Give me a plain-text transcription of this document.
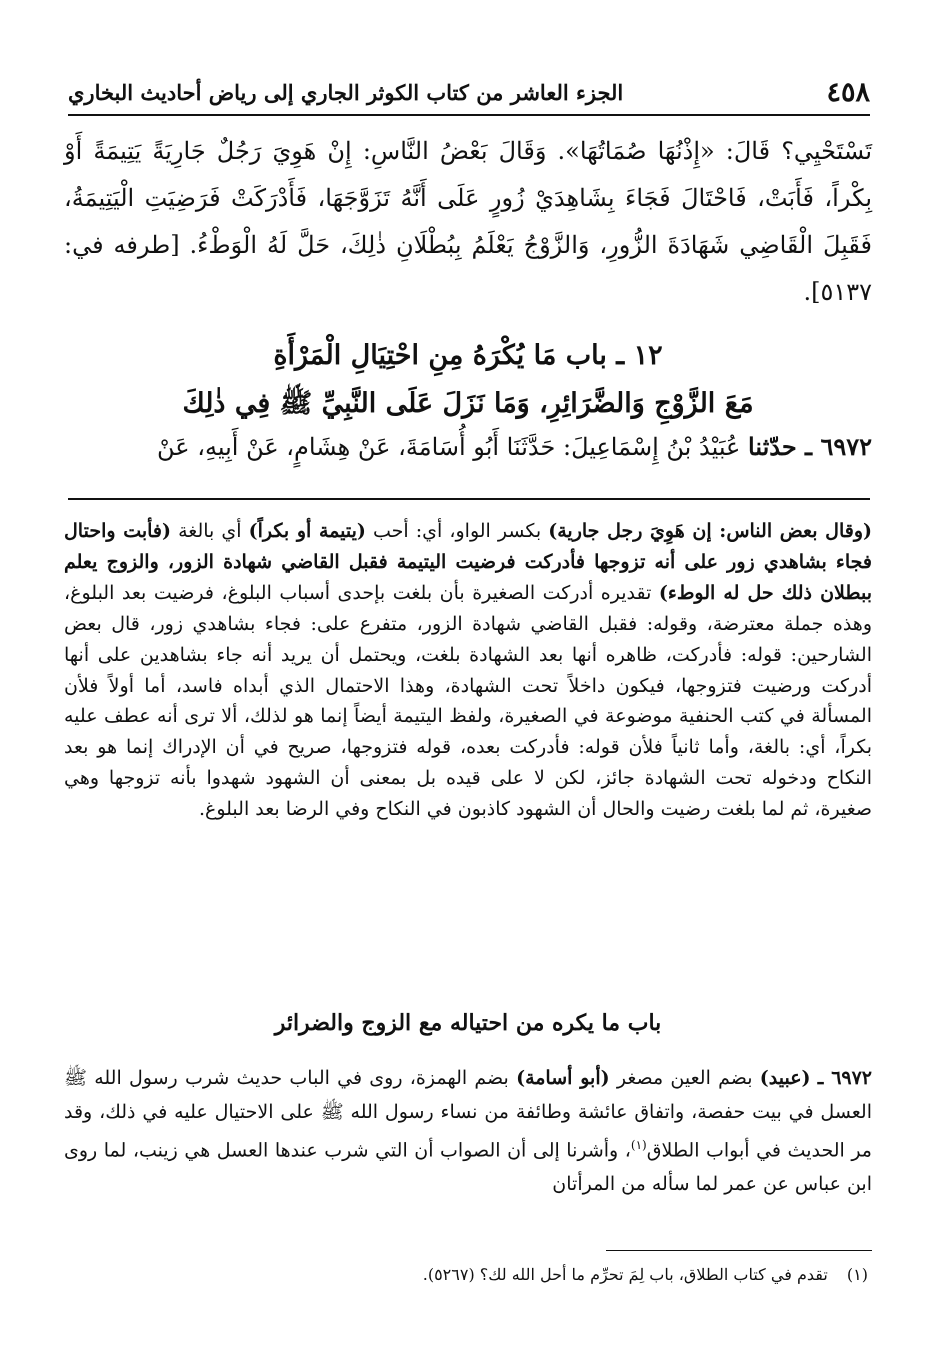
٤٥٨
الجزء العاشر من كتاب الكوثر الجاري إلى رياض أحاديث البخاري
تَسْتَحْيِي؟ قَالَ: «إِذْنُهَا صُمَاتُهَا». وَقَالَ بَعْضُ النَّاسِ: إِنْ هَوِيَ رَجُلٌ جَارِيَةً يَتِيمَةً أَوْ بِكْراً، فَأَبَتْ، فَاحْتَالَ فَجَاءَ بِشَاهِدَيْ زُورٍ عَلَى أَنَّهُ تَزَوَّجَهَا، فَأَدْرَكَتْ فَرَضِيَتِ الْيَتِيمَةُ، فَقَبِلَ الْقَاضِي شَهَادَةَ الزُّورِ، وَالزَّوْجُ يَعْلَمُ بِبُطْلَانِ ذٰلِكَ، حَلَّ لَهُ الْوَطْءُ. [طرفه في: ٥١٣٧].
١٢ ـ باب مَا يُكْرَهُ مِنِ احْتِيَالِ الْمَرْأَةِ
مَعَ الزَّوْجِ وَالضَّرَائِرِ، وَمَا نَزَلَ عَلَى النَّبِيِّ ﷺ فِي ذٰلِكَ
٦٩٧٢ ـ حدّثنا عُبَيْدُ بْنُ إِسْمَاعِيلَ: حَدَّثَنَا أَبُو أُسَامَةَ، عَنْ هِشَامٍ، عَنْ أَبِيهِ، عَنْ
(وقال بعض الناس: إن هَوِيَ رجل جارية) بكسر الواو، أي: أحب (يتيمة أو بكراً) أي بالغة (فأبت واحتال فجاء بشاهدي زور على أنه تزوجها فأدركت فرضيت اليتيمة فقبل القاضي شهادة الزور، والزوج يعلم ببطلان ذلك حل له الوطء) تقديره أدركت الصغيرة بأن بلغت بإحدى أسباب البلوغ، فرضيت بعد البلوغ، وهذه جملة معترضة، وقوله: فقبل القاضي شهادة الزور، متفرع على: فجاء بشاهدي زور، قال بعض الشارحين: قوله: فأدركت، ظاهره أنها بعد الشهادة بلغت، ويحتمل أن يريد أنه جاء بشاهدين على أنها أدركت ورضيت فتزوجها، فيكون داخلاً تحت الشهادة، وهذا الاحتمال الذي أبداه فاسد، أما أولاً فلأن المسألة في كتب الحنفية موضوعة في الصغيرة، ولفظ اليتيمة أيضاً إنما هو لذلك، ألا ترى أنه عطف عليه بكراً، أي: بالغة، وأما ثانياً فلأن قوله: فأدركت بعده، قوله فتزوجها، صريح في أن الإدراك إنما هو بعد النكاح ودخوله تحت الشهادة جائز، لكن لا على قيده بل بمعنى أن الشهود شهدوا بأنه تزوجها وهي صغيرة، ثم لما بلغت رضيت والحال أن الشهود كاذبون في النكاح وفي الرضا بعد البلوغ.
باب ما يكره من احتياله مع الزوج والضرائر
٦٩٧٢ ـ (عبيد) بضم العين مصغر (أبو أسامة) بضم الهمزة، روى في الباب حديث شرب رسول الله ﷺ العسل في بيت حفصة، واتفاق عائشة وطائفة من نساء رسول الله ﷺ على الاحتيال عليه في ذلك، وقد مر الحديث في أبواب الطلاق$^{(١)}$، وأشرنا إلى أن الصواب أن التي شرب عندها العسل هي زينب، لما روى ابن عباس عن عمر لما سأله من المرأتان
(١) تقدم في كتاب الطلاق، باب لِمَ تحرِّم ما أحل الله لك؟ (٥٢٦٧).
